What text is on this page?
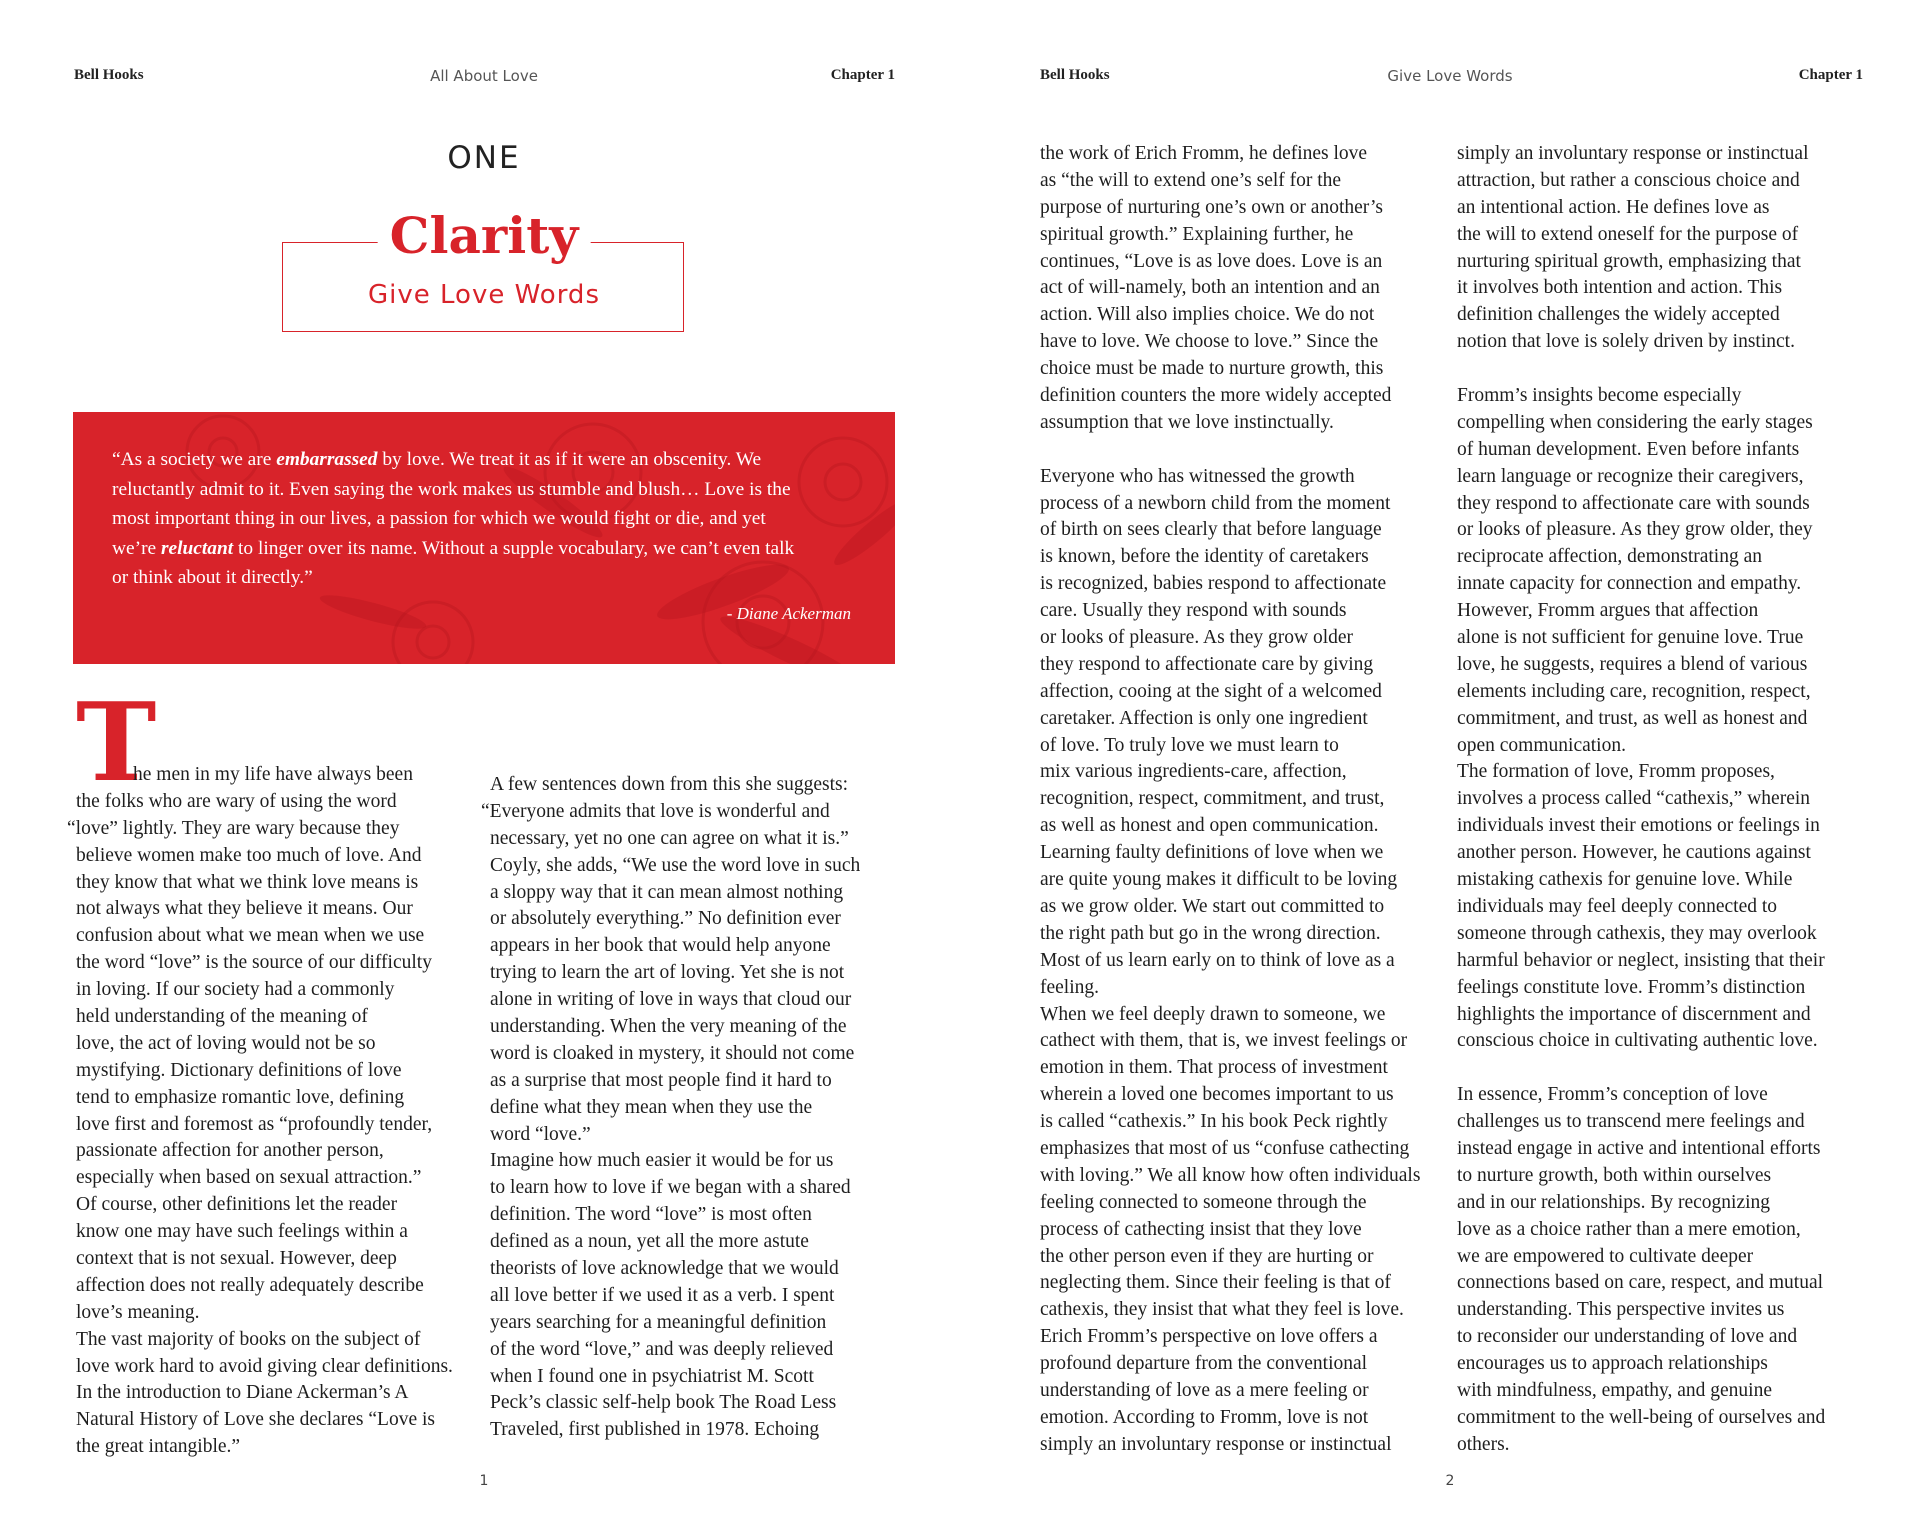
Bell Hooks	All About Love	Chapter 1
ONE
Clarity
Give Love Words
“As a society we are embarrassed by love. We treat it as if it were an obscenity. We
reluctantly admit to it. Even saying the work makes us stumble and blush… Love is the
most important thing in our lives, a passion for which we would fight or die, and yet
we’re reluctant to linger over its name. Without a supple vocabulary, we can’t even talk
or think about it directly.”
- Diane Ackerman
T
he men in my life have always been
the folks who are wary of using the word
“love” lightly. They are wary because they
believe women make too much of love. And
they know that what we think love means is
not always what they believe it means. Our
confusion about what we mean when we use
the word “love” is the source of our difficulty
in loving. If our society had a commonly
held understanding of the meaning of
love, the act of loving would not be so
mystifying. Dictionary definitions of love
tend to emphasize romantic love, defining
love first and foremost as “profoundly tender,
passionate affection for another person,
especially when based on sexual attraction.”
Of course, other definitions let the reader
know one may have such feelings within a
context that is not sexual. However, deep
affection does not really adequately describe
love’s meaning.
The vast majority of books on the subject of
love work hard to avoid giving clear definitions.
In the introduction to Diane Ackerman’s A
Natural History of Love she declares “Love is
the great intangible.”
A few sentences down from this she suggests:
“Everyone admits that love is wonderful and
necessary, yet no one can agree on what it is.”
Coyly, she adds, “We use the word love in such
a sloppy way that it can mean almost nothing
or absolutely everything.” No definition ever
appears in her book that would help anyone
trying to learn the art of loving. Yet she is not
alone in writing of love in ways that cloud our
understanding. When the very meaning of the
word is cloaked in mystery, it should not come
as a surprise that most people find it hard to
define what they mean when they use the
word “love.”
Imagine how much easier it would be for us
to learn how to love if we began with a shared
definition. The word “love” is most often
defined as a noun, yet all the more astute
theorists of love acknowledge that we would
all love better if we used it as a verb. I spent
years searching for a meaningful definition
of the word “love,” and was deeply relieved
when I found one in psychiatrist M. Scott
Peck’s classic self-help book The Road Less
Traveled, first published in 1978. Echoing
1
Bell Hooks	Give Love Words	Chapter 1
the work of Erich Fromm, he defines love
as “the will to extend one’s self for the
purpose of nurturing one’s own or another’s
spiritual growth.” Explaining further, he
continues, “Love is as love does. Love is an
act of will-namely, both an intention and an
action. Will also implies choice. We do not
have to love. We choose to love.” Since the
choice must be made to nurture growth, this
definition counters the more widely accepted
assumption that we love instinctually.
Everyone who has witnessed the growth
process of a newborn child from the moment
of birth on sees clearly that before language
is known, before the identity of caretakers
is recognized, babies respond to affectionate
care. Usually they respond with sounds
or looks of pleasure. As they grow older
they respond to affectionate care by giving
affection, cooing at the sight of a welcomed
caretaker. Affection is only one ingredient
of love. To truly love we must learn to
mix various ingredients-care, affection,
recognition, respect, commitment, and trust,
as well as honest and open communication.
Learning faulty definitions of love when we
are quite young makes it difficult to be loving
as we grow older. We start out committed to
the right path but go in the wrong direction.
Most of us learn early on to think of love as a
feeling.
When we feel deeply drawn to someone, we
cathect with them, that is, we invest feelings or
emotion in them. That process of investment
wherein a loved one becomes important to us
is called “cathexis.” In his book Peck rightly
emphasizes that most of us “confuse cathecting
with loving.” We all know how often individuals
feeling connected to someone through the
process of cathecting insist that they love
the other person even if they are hurting or
neglecting them. Since their feeling is that of
cathexis, they insist that what they feel is love.
Erich Fromm’s perspective on love offers a
profound departure from the conventional
understanding of love as a mere feeling or
emotion. According to Fromm, love is not
simply an involuntary response or instinctual
simply an involuntary response or instinctual
attraction, but rather a conscious choice and
an intentional action. He defines love as
the will to extend oneself for the purpose of
nurturing spiritual growth, emphasizing that
it involves both intention and action. This
definition challenges the widely accepted
notion that love is solely driven by instinct.
Fromm’s insights become especially
compelling when considering the early stages
of human development. Even before infants
learn language or recognize their caregivers,
they respond to affectionate care with sounds
or looks of pleasure. As they grow older, they
reciprocate affection, demonstrating an
innate capacity for connection and empathy.
However, Fromm argues that affection
alone is not sufficient for genuine love. True
love, he suggests, requires a blend of various
elements including care, recognition, respect,
commitment, and trust, as well as honest and
open communication.
The formation of love, Fromm proposes,
involves a process called “cathexis,” wherein
individuals invest their emotions or feelings in
another person. However, he cautions against
mistaking cathexis for genuine love. While
individuals may feel deeply connected to
someone through cathexis, they may overlook
harmful behavior or neglect, insisting that their
feelings constitute love. Fromm’s distinction
highlights the importance of discernment and
conscious choice in cultivating authentic love.
In essence, Fromm’s conception of love
challenges us to transcend mere feelings and
instead engage in active and intentional efforts
to nurture growth, both within ourselves
and in our relationships. By recognizing
love as a choice rather than a mere emotion,
we are empowered to cultivate deeper
connections based on care, respect, and mutual
understanding. This perspective invites us
to reconsider our understanding of love and
encourages us to approach relationships
with mindfulness, empathy, and genuine
commitment to the well-being of ourselves and
others.
2
